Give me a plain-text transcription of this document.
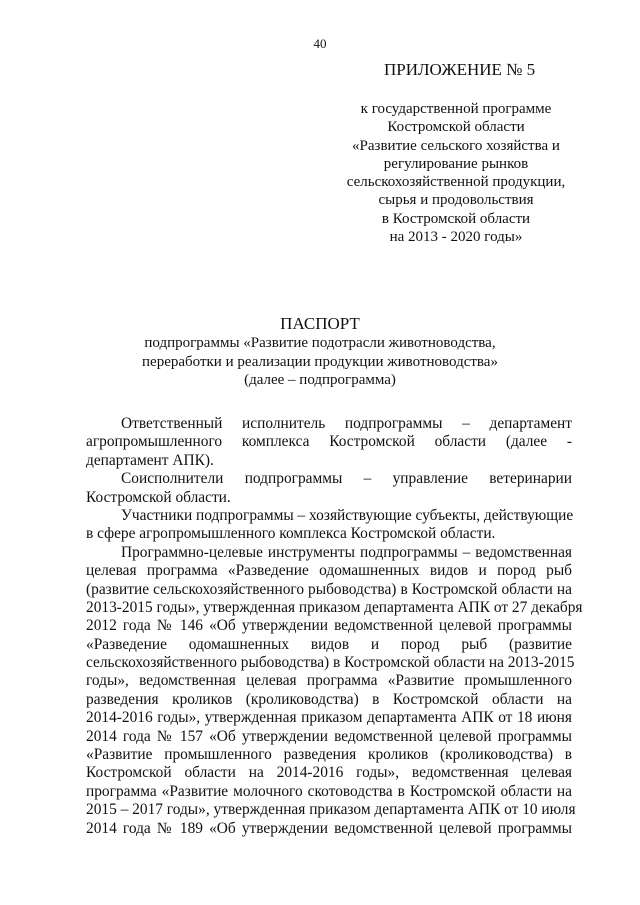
40
ПРИЛОЖЕНИЕ № 5
к государственной программе
Костромской области
«Развитие сельского хозяйства и
регулирование рынков
сельскохозяйственной продукции,
сырья и продовольствия
в Костромской области
на 2013 - 2020 годы»
ПАСПОРТ
подпрограммы «Развитие подотрасли животноводства,
переработки и реализации продукции животноводства»
(далее – подпрограмма)
Ответственный исполнитель подпрограммы – департамент
агропромышленного комплекса Костромской области (далее -
департамент АПК).
Соисполнители подпрограммы – управление ветеринарии
Костромской области.
Участники подпрограммы – хозяйствующие субъекты, действующие
в сфере агропромышленного комплекса Костромской области.
Программно-целевые инструменты подпрограммы – ведомственная
целевая программа «Разведение одомашненных видов и пород рыб
(развитие сельскохозяйственного рыбоводства) в Костромской области на
2013-2015 годы», утвержденная приказом департамента АПК от 27 декабря
2012 года № 146 «Об утверждении ведомственной целевой программы
«Разведение одомашненных видов и пород рыб (развитие
сельскохозяйственного рыбоводства) в Костромской области на 2013-2015
годы», ведомственная целевая программа «Развитие промышленного
разведения кроликов (кролиководства) в Костромской области на
2014-2016 годы», утвержденная приказом департамента АПК от 18 июня
2014 года № 157 «Об утверждении ведомственной целевой программы
«Развитие промышленного разведения кроликов (кролиководства) в
Костромской области на 2014-2016 годы», ведомственная целевая
программа «Развитие молочного скотоводства в Костромской области на
2015 – 2017 годы», утвержденная приказом департамента АПК от 10 июля
2014 года № 189 «Об утверждении ведомственной целевой программы
